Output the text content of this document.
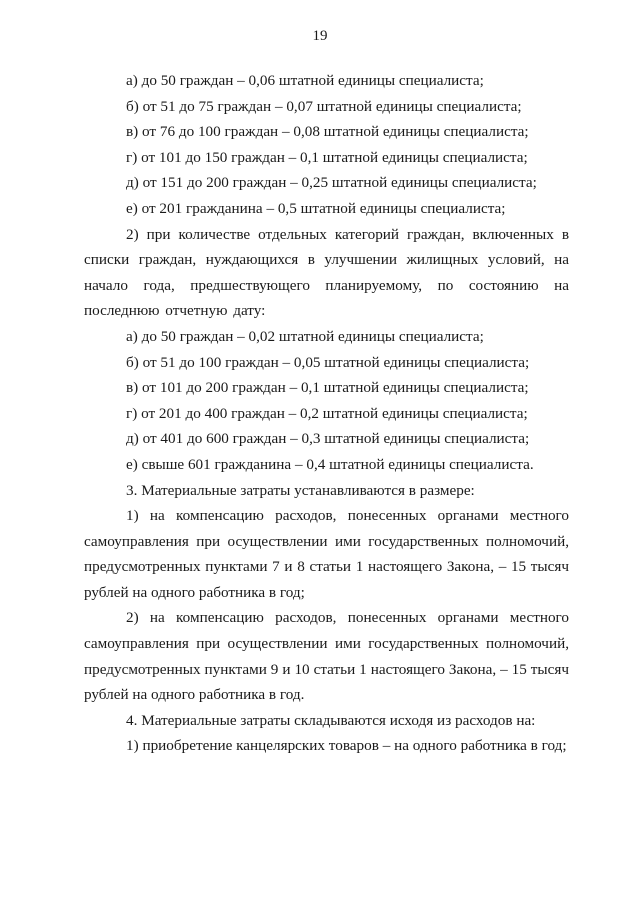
19

а) до 50 граждан – 0,06 штатной единицы специалиста;

б) от 51 до 75 граждан – 0,07 штатной единицы специалиста;

в) от 76 до 100 граждан – 0,08 штатной единицы специалиста;

г) от 101 до 150 граждан – 0,1 штатной единицы специалиста;

д) от 151 до 200 граждан – 0,25 штатной единицы специалиста;

е) от 201 гражданина – 0,5 штатной единицы специалиста;

2) при количестве отдельных категорий граждан, включенных в списки граждан, нуждающихся в улучшении жилищных условий, на начало года, предшествующего планируемому, по состоянию на последнюю отчетную дату:

а) до 50 граждан – 0,02 штатной единицы специалиста;

б) от 51 до 100 граждан – 0,05 штатной единицы специалиста;

в) от 101 до 200 граждан – 0,1 штатной единицы специалиста;

г) от 201 до 400 граждан – 0,2 штатной единицы специалиста;

д) от 401 до 600 граждан – 0,3 штатной единицы специалиста;

е) свыше 601 гражданина – 0,4 штатной единицы специалиста.

3. Материальные затраты устанавливаются в размере:

1) на компенсацию расходов, понесенных органами местного самоуправления при осуществлении ими государственных полномочий, предусмотренных пунктами 7 и 8 статьи 1 настоящего Закона, – 15 тысяч рублей на одного работника в год;

2) на компенсацию расходов, понесенных органами местного самоуправления при осуществлении ими государственных полномочий, предусмотренных пунктами 9 и 10 статьи 1 настоящего Закона, – 15 тысяч рублей на одного работника в год.

4. Материальные затраты складываются исходя из расходов на:

1) приобретение канцелярских товаров – на одного работника в год;
